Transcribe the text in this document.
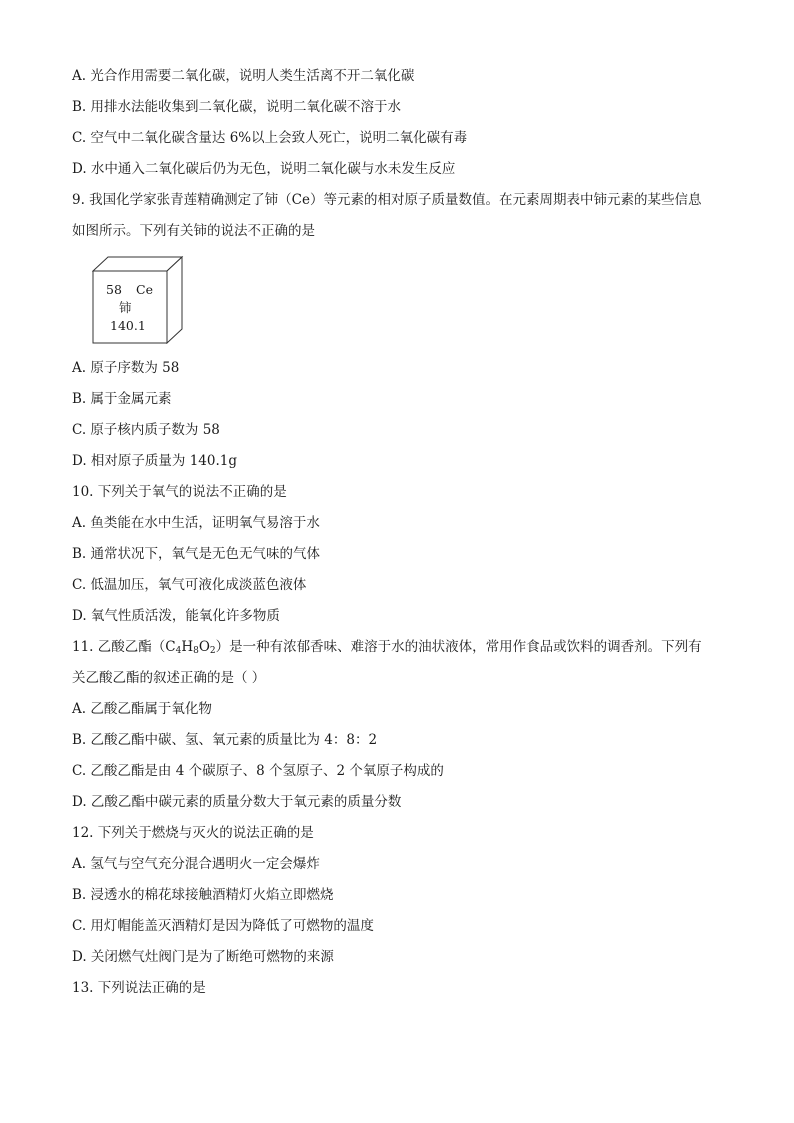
A. 光合作用需要二氧化碳，说明人类生活离不开二氧化碳
B. 用排水法能收集到二氧化碳，说明二氧化碳不溶于水
C. 空气中二氧化碳含量达 6%以上会致人死亡，说明二氧化碳有毒
D. 水中通入二氧化碳后仍为无色，说明二氧化碳与水未发生反应
9. 我国化学家张青莲精确测定了铈（Ce）等元素的相对原子质量数值。在元素周期表中铈元素的某些信息
如图所示。下列有关铈的说法不正确的是
58 Ce
铈
140.1
A. 原子序数为 58
B. 属于金属元素
C. 原子核内质子数为 58
D. 相对原子质量为 140.1g
10. 下列关于氧气的说法不正确的是
A. 鱼类能在水中生活，证明氧气易溶于水
B. 通常状况下，氧气是无色无气味的气体
C. 低温加压，氧气可液化成淡蓝色液体
D. 氧气性质活泼，能氧化许多物质
11. 乙酸乙酯$(C_4H_8O_2)$是一种有浓郁香味、难溶于水的油状液体，常用作食品或饮料的调香剂。下列有
关乙酸乙酯的叙述正确的是（ ）
A. 乙酸乙酯属于氧化物
B. 乙酸乙酯中碳、氢、氧元素的质量比为 4：8：2
C. 乙酸乙酯是由 4 个碳原子、8 个氢原子、2 个氧原子构成的
D. 乙酸乙酯中碳元素的质量分数大于氧元素的质量分数
12. 下列关于燃烧与灭火的说法正确的是
A. 氢气与空气充分混合遇明火一定会爆炸
B. 浸透水的棉花球接触酒精灯火焰立即燃烧
C. 用灯帽能盖灭酒精灯是因为降低了可燃物的温度
D. 关闭燃气灶阀门是为了断绝可燃物的来源
13. 下列说法正确的是
